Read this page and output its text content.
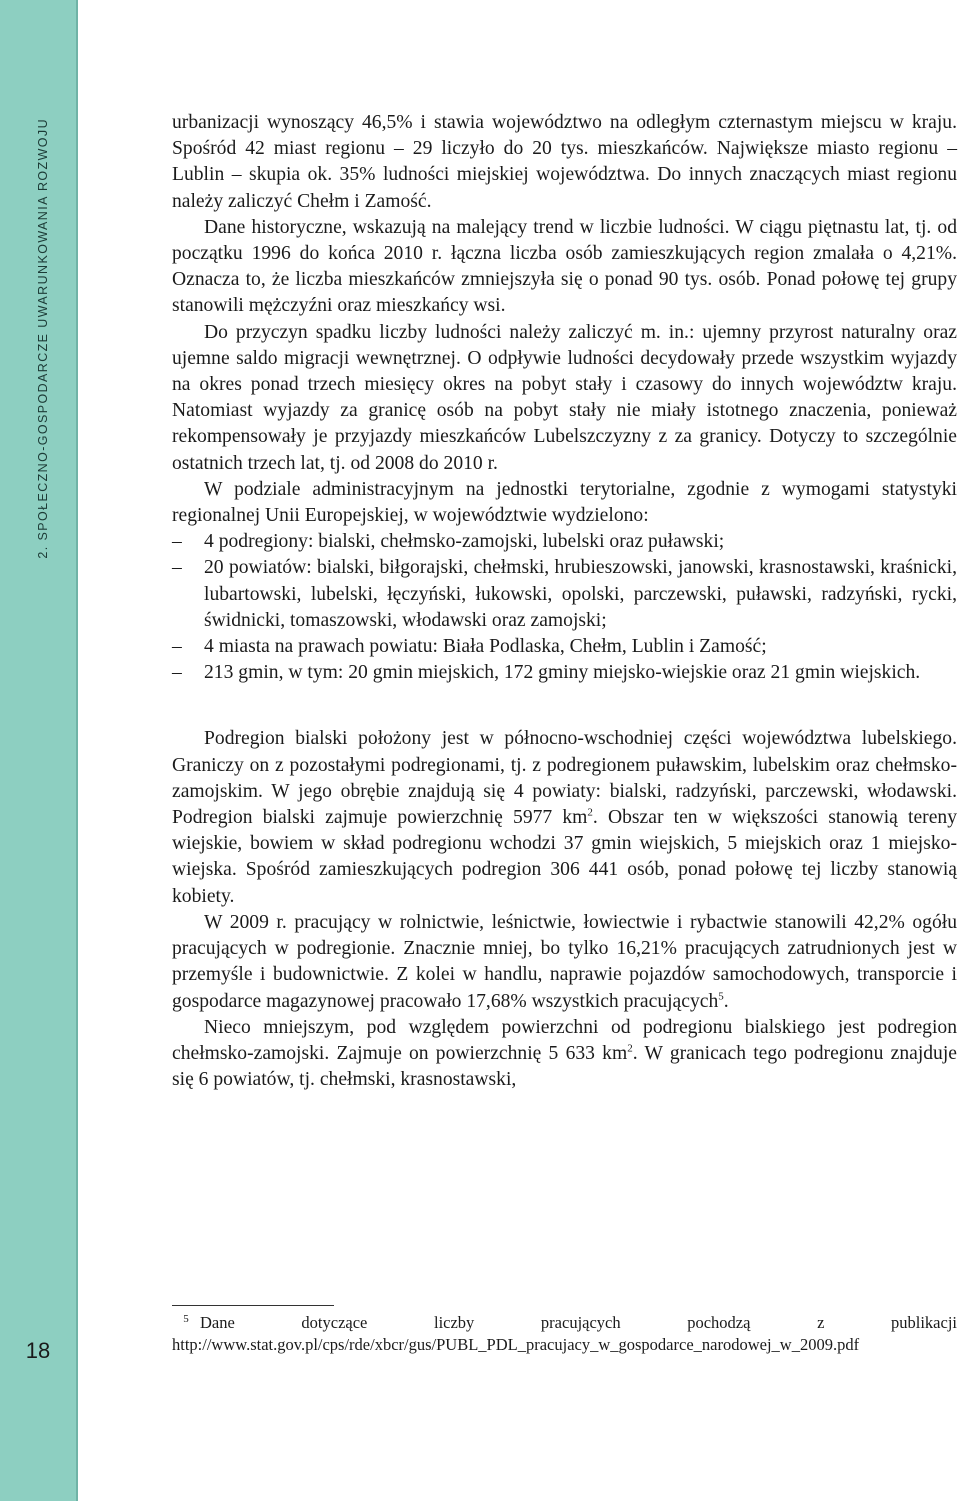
2. SPOŁECZNO-GOSPODARCZE UWARUNKOWANIA ROZWOJU
18

urbanizacji wynoszący 46,5% i stawia województwo na odległym czternastym miejscu w kraju. Spośród 42 miast regionu – 29 liczyło do 20 tys. mieszkańców. Największe miasto regionu – Lublin – skupia ok. 35% ludności miejskiej województwa. Do innych znaczących miast regionu należy zaliczyć Chełm i Zamość.

Dane historyczne, wskazują na malejący trend w liczbie ludności. W ciągu piętnastu lat, tj. od początku 1996 do końca 2010 r. łączna liczba osób zamieszkujących region zmalała o 4,21%. Oznacza to, że liczba mieszkańców zmniejszyła się o ponad 90 tys. osób. Ponad połowę tej grupy stanowili mężczyźni oraz mieszkańcy wsi.

Do przyczyn spadku liczby ludności należy zaliczyć m. in.: ujemny przyrost naturalny oraz ujemne saldo migracji wewnętrznej. O odpływie ludności decydowały przede wszystkim wyjazdy na okres ponad trzech miesięcy okres na pobyt stały i czasowy do innych województw kraju. Natomiast wyjazdy za granicę osób na pobyt stały nie miały istotnego znaczenia, ponieważ rekompensowały je przyjazdy mieszkańców Lubelszczyzny z za granicy. Dotyczy to szczególnie ostatnich trzech lat, tj. od 2008 do 2010 r.

W podziale administracyjnym na jednostki terytorialne, zgodnie z wymogami statystyki regionalnej Unii Europejskiej, w województwie wydzielono:

– 4 podregiony: bialski, chełmsko-zamojski, lubelski oraz puławski;
– 20 powiatów: bialski, biłgorajski, chełmski, hrubieszowski, janowski, krasnostawski, kraśnicki, lubartowski, lubelski, łęczyński, łukowski, opolski, parczewski, puławski, radzyński, rycki, świdnicki, tomaszowski, włodawski oraz zamojski;
– 4 miasta na prawach powiatu: Biała Podlaska, Chełm, Lublin i Zamość;
– 213 gmin, w tym: 20 gmin miejskich, 172 gminy miejsko-wiejskie oraz 21 gmin wiejskich.

Podregion bialski położony jest w północno-wschodniej części województwa lubelskiego. Graniczy on z pozostałymi podregionami, tj. z podregionem puławskim, lubelskim oraz chełmsko-zamojskim. W jego obrębie znajdują się 4 powiaty: bialski, radzyński, parczewski, włodawski. Podregion bialski zajmuje powierzchnię 5977 $km^2$. Obszar ten w większości stanowią tereny wiejskie, bowiem w skład podregionu wchodzi 37 gmin wiejskich, 5 miejskich oraz 1 miejsko-wiejska. Spośród zamieszkujących podregion 306 441 osób, ponad połowę tej liczby stanowią kobiety.

W 2009 r. pracujący w rolnictwie, leśnictwie, łowiectwie i rybactwie stanowili 42,2% ogółu pracujących w podregionie. Znacznie mniej, bo tylko 16,21% pracujących zatrudnionych jest w przemyśle i budownictwie. Z kolei w handlu, naprawie pojazdów samochodowych, transporcie i gospodarce magazynowej pracowało 17,68% wszystkich pracujących$^5$.

Nieco mniejszym, pod względem powierzchni od podregionu bialskiego jest podregion chełmsko-zamojski. Zajmuje on powierzchnię 5 633 $km^2$. W granicach tego podregionu znajduje się 6 powiatów, tj. chełmski, krasnostawski,

5 Dane dotyczące liczby pracujących pochodzą z publikacji http://www.stat.gov.pl/cps/rde/xbcr/gus/PUBL_PDL_pracujacy_w_gospodarce_narodowej_w_2009.pdf
